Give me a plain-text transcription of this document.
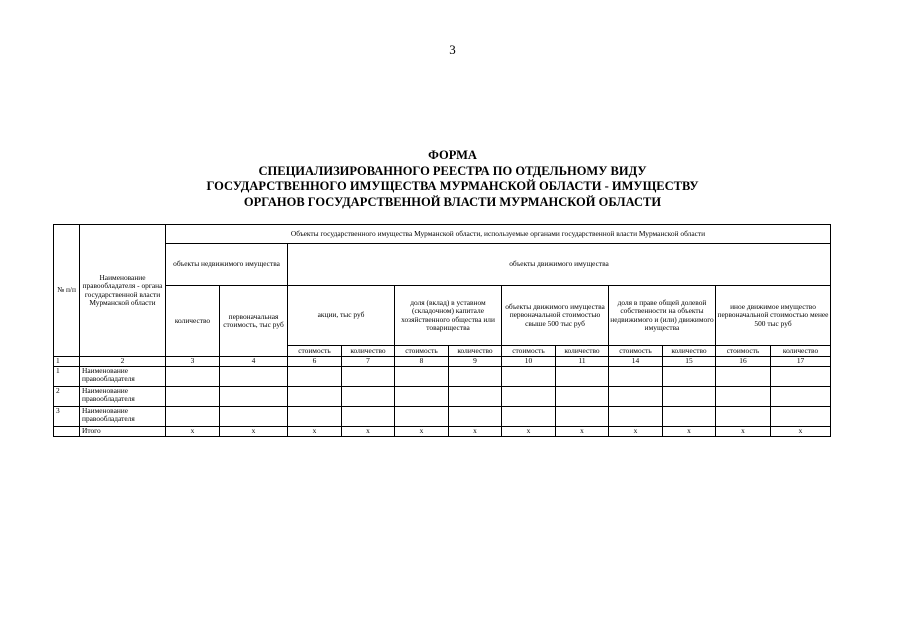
3
ФОРМА
СПЕЦИАЛИЗИРОВАННОГО РЕЕСТРА ПО ОТДЕЛЬНОМУ ВИДУ
ГОСУДАРСТВЕННОГО ИМУЩЕСТВА МУРМАНСКОЙ ОБЛАСТИ - ИМУЩЕСТВУ
ОРГАНОВ ГОСУДАРСТВЕННОЙ ВЛАСТИ МУРМАНСКОЙ ОБЛАСТИ
№ п/п	Наименование правообладателя - органа государственной власти Мурманской области	Объекты государственного имущества Мурманской области, используемые органами государственной власти Мурманской области											
		объекты недвижимого имущества		объекты движимого имущества									
		количество	первоначальная стоимость, тыс руб	акции, тыс руб		доля (вклад) в уставном (складочном) капитале хозяйственного общества или товарищества		объекты движимого имущества первоначальной стоимостью свыше 500 тыс руб		доля в праве общей долевой собственности на объекты недвижимого и (или) движимого имущества		иное движимое имущество первоначальной стоимостью менее 500 тыс руб	
				стоимость	количество	стоимость	количество	стоимость	количество	стоимость	количество	стоимость	количество
1	2	3	4	6	7	8	9	10	11	14	15	16	17
1	Наименование правообладателя												
2	Наименование правообладателя												
3	Наименование правообладателя												
	Итого	х	х	х	х	х	х	х	х	х	х	х	х
